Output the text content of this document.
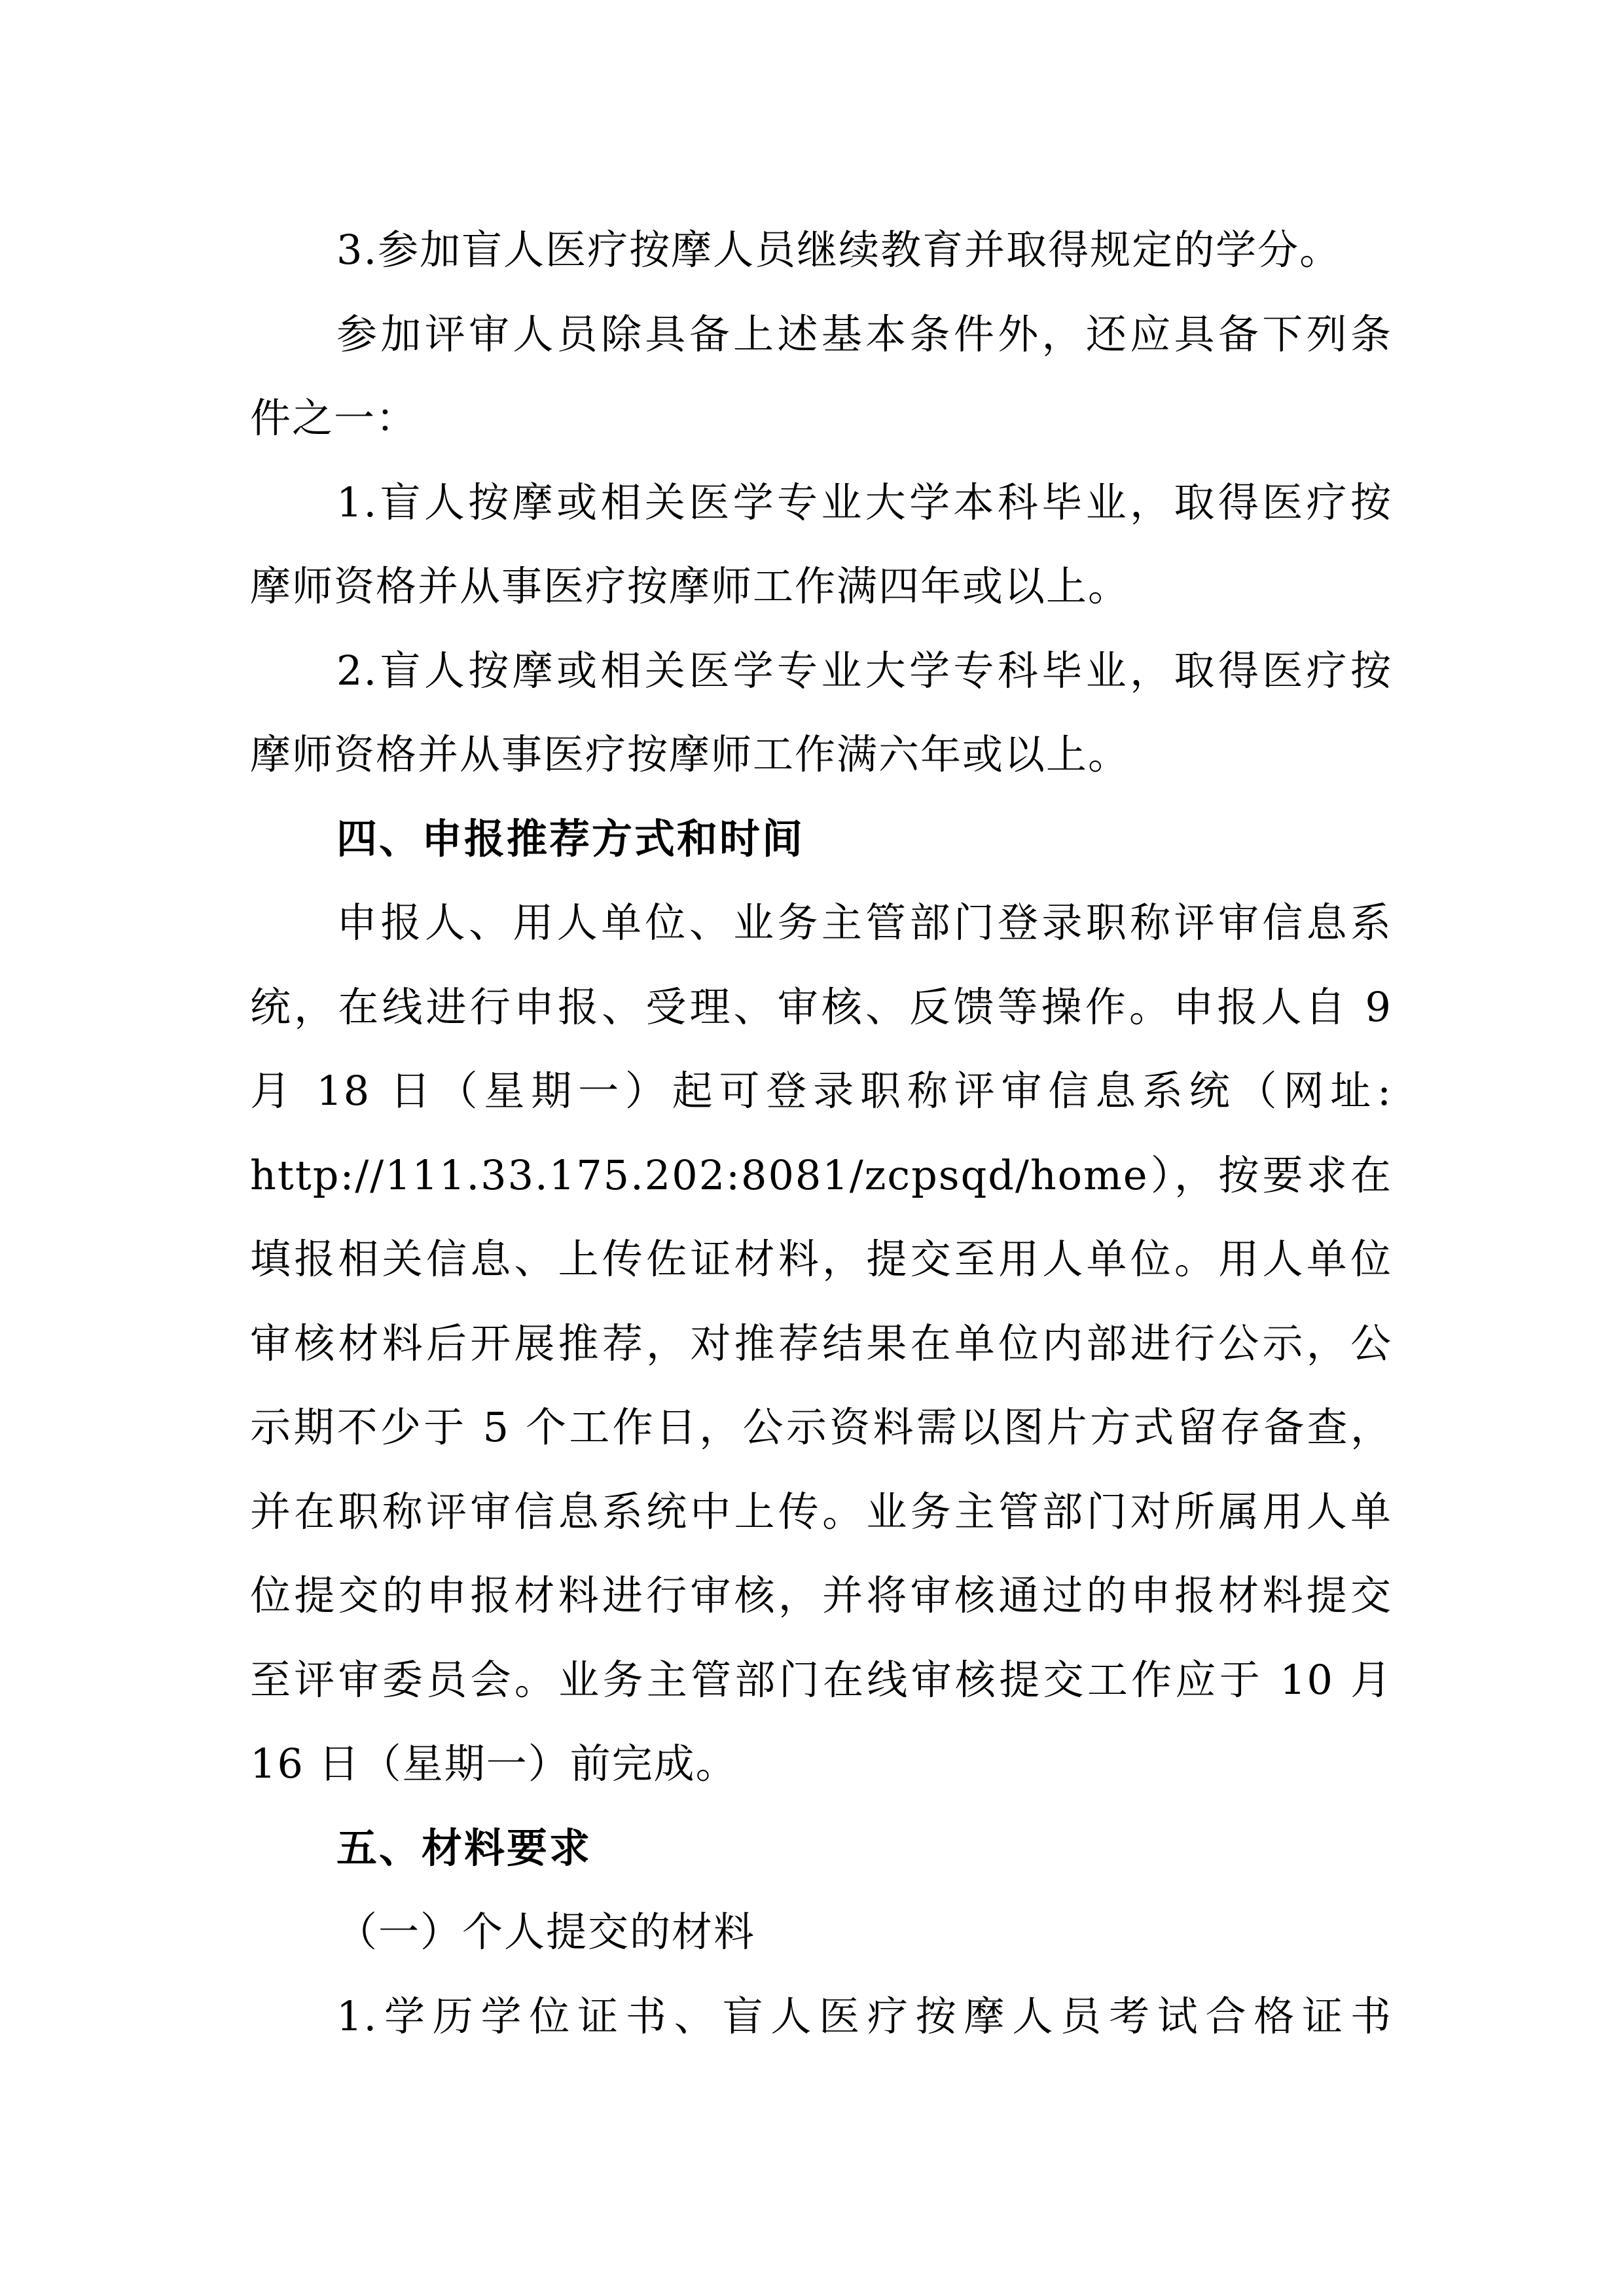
3.参加盲人医疗按摩人员继续教育并取得规定的学分。
参加评审人员除具备上述基本条件外，还应具备下列条
件之一：
1.盲人按摩或相关医学专业大学本科毕业，取得医疗按
摩师资格并从事医疗按摩师工作满四年或以上。
2.盲人按摩或相关医学专业大学专科毕业，取得医疗按
摩师资格并从事医疗按摩师工作满六年或以上。
四、申报推荐方式和时间
申报人、用人单位、业务主管部门登录职称评审信息系
统，在线进行申报、受理、审核、反馈等操作。申报人自 9
月 18 日（星期一）起可登录职称评审信息系统（网址:
http://111.33.175.202:8081/zcpsqd/home），按要求在
填报相关信息、上传佐证材料，提交至用人单位。用人单位
审核材料后开展推荐，对推荐结果在单位内部进行公示，公
示期不少于 5 个工作日，公示资料需以图片方式留存备查，
并在职称评审信息系统中上传。业务主管部门对所属用人单
位提交的申报材料进行审核，并将审核通过的申报材料提交
至评审委员会。业务主管部门在线审核提交工作应于 10 月
16 日（星期一）前完成。
五、材料要求
（一）个人提交的材料
1.学历学位证书、盲人医疗按摩人员考试合格证书
